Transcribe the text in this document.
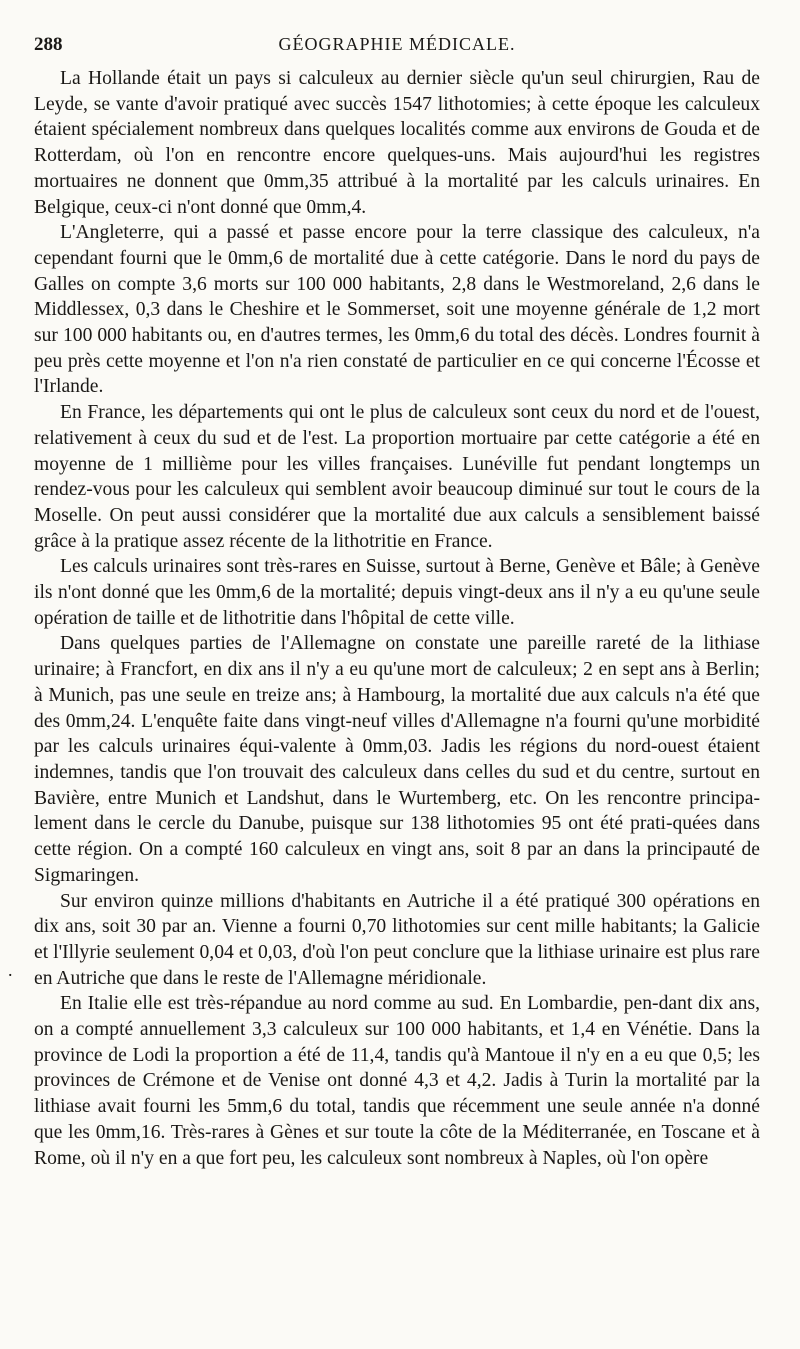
288	GÉOGRAPHIE MÉDICALE.

La Hollande était un pays si calculeux au dernier siècle qu'un seul chirurgien, Rau de Leyde, se vante d'avoir pratiqué avec succès 1547 lithotomies; à cette époque les calculeux étaient spécialement nombreux dans quelques localités comme aux environs de Gouda et de Rotterdam, où l'on en rencontre encore quelques-uns. Mais aujourd'hui les registres mortuaires ne donnent que 0mm,35 attribué à la mortalité par les calculs urinaires. En Belgique, ceux-ci n'ont donné que 0mm,4.

L'Angleterre, qui a passé et passe encore pour la terre classique des calculeux, n'a cependant fourni que le 0mm,6 de mortalité due à cette catégorie. Dans le nord du pays de Galles on compte 3,6 morts sur 100 000 habitants, 2,8 dans le Westmoreland, 2,6 dans le Middlessex, 0,3 dans le Cheshire et le Sommerset, soit une moyenne générale de 1,2 mort sur 100 000 habitants ou, en d'autres termes, les 0mm,6 du total des décès. Londres fournit à peu près cette moyenne et l'on n'a rien constaté de particulier en ce qui concerne l'Écosse et l'Irlande.

En France, les départements qui ont le plus de calculeux sont ceux du nord et de l'ouest, relativement à ceux du sud et de l'est. La proportion mortuaire par cette catégorie a été en moyenne de 1 millième pour les villes françaises. Lunéville fut pendant longtemps un rendez-vous pour les calculeux qui semblent avoir beaucoup diminué sur tout le cours de la Moselle. On peut aussi considérer que la mortalité due aux calculs a sensiblement baissé grâce à la pratique assez récente de la lithotritie en France.

Les calculs urinaires sont très-rares en Suisse, surtout à Berne, Genève et Bâle; à Genève ils n'ont donné que les 0mm,6 de la mortalité; depuis vingt-deux ans il n'y a eu qu'une seule opération de taille et de lithotritie dans l'hôpital de cette ville.

Dans quelques parties de l'Allemagne on constate une pareille rareté de la lithiase urinaire; à Francfort, en dix ans il n'y a eu qu'une mort de calculeux; 2 en sept ans à Berlin; à Munich, pas une seule en treize ans; à Hambourg, la mortalité due aux calculs n'a été que des 0mm,24. L'enquête faite dans vingt-neuf villes d'Allemagne n'a fourni qu'une morbidité par les calculs urinaires équi-valente à 0mm,03. Jadis les régions du nord-ouest étaient indemnes, tandis que l'on trouvait des calculeux dans celles du sud et du centre, surtout en Bavière, entre Munich et Landshut, dans le Wurtemberg, etc. On les rencontre principa-lement dans le cercle du Danube, puisque sur 138 lithotomies 95 ont été prati-quées dans cette région. On a compté 160 calculeux en vingt ans, soit 8 par an dans la principauté de Sigmaringen.

Sur environ quinze millions d'habitants en Autriche il a été pratiqué 300 opérations en dix ans, soit 30 par an. Vienne a fourni 0,70 lithotomies sur cent mille habitants; la Galicie et l'Illyrie seulement 0,04 et 0,03, d'où l'on peut conclure que la lithiase urinaire est plus rare en Autriche que dans le reste de l'Allemagne méridionale.

En Italie elle est très-répandue au nord comme au sud. En Lombardie, pen-dant dix ans, on a compté annuellement 3,3 calculeux sur 100 000 habitants, et 1,4 en Vénétie. Dans la province de Lodi la proportion a été de 11,4, tandis qu'à Mantoue il n'y en a eu que 0,5; les provinces de Crémone et de Venise ont donné 4,3 et 4,2. Jadis à Turin la mortalité par la lithiase avait fourni les 5mm,6 du total, tandis que récemment une seule année n'a donné que les 0mm,16. Très-rares à Gènes et sur toute la côte de la Méditerranée, en Toscane et à Rome, où il n'y en a que fort peu, les calculeux sont nombreux à Naples, où l'on opère

.
